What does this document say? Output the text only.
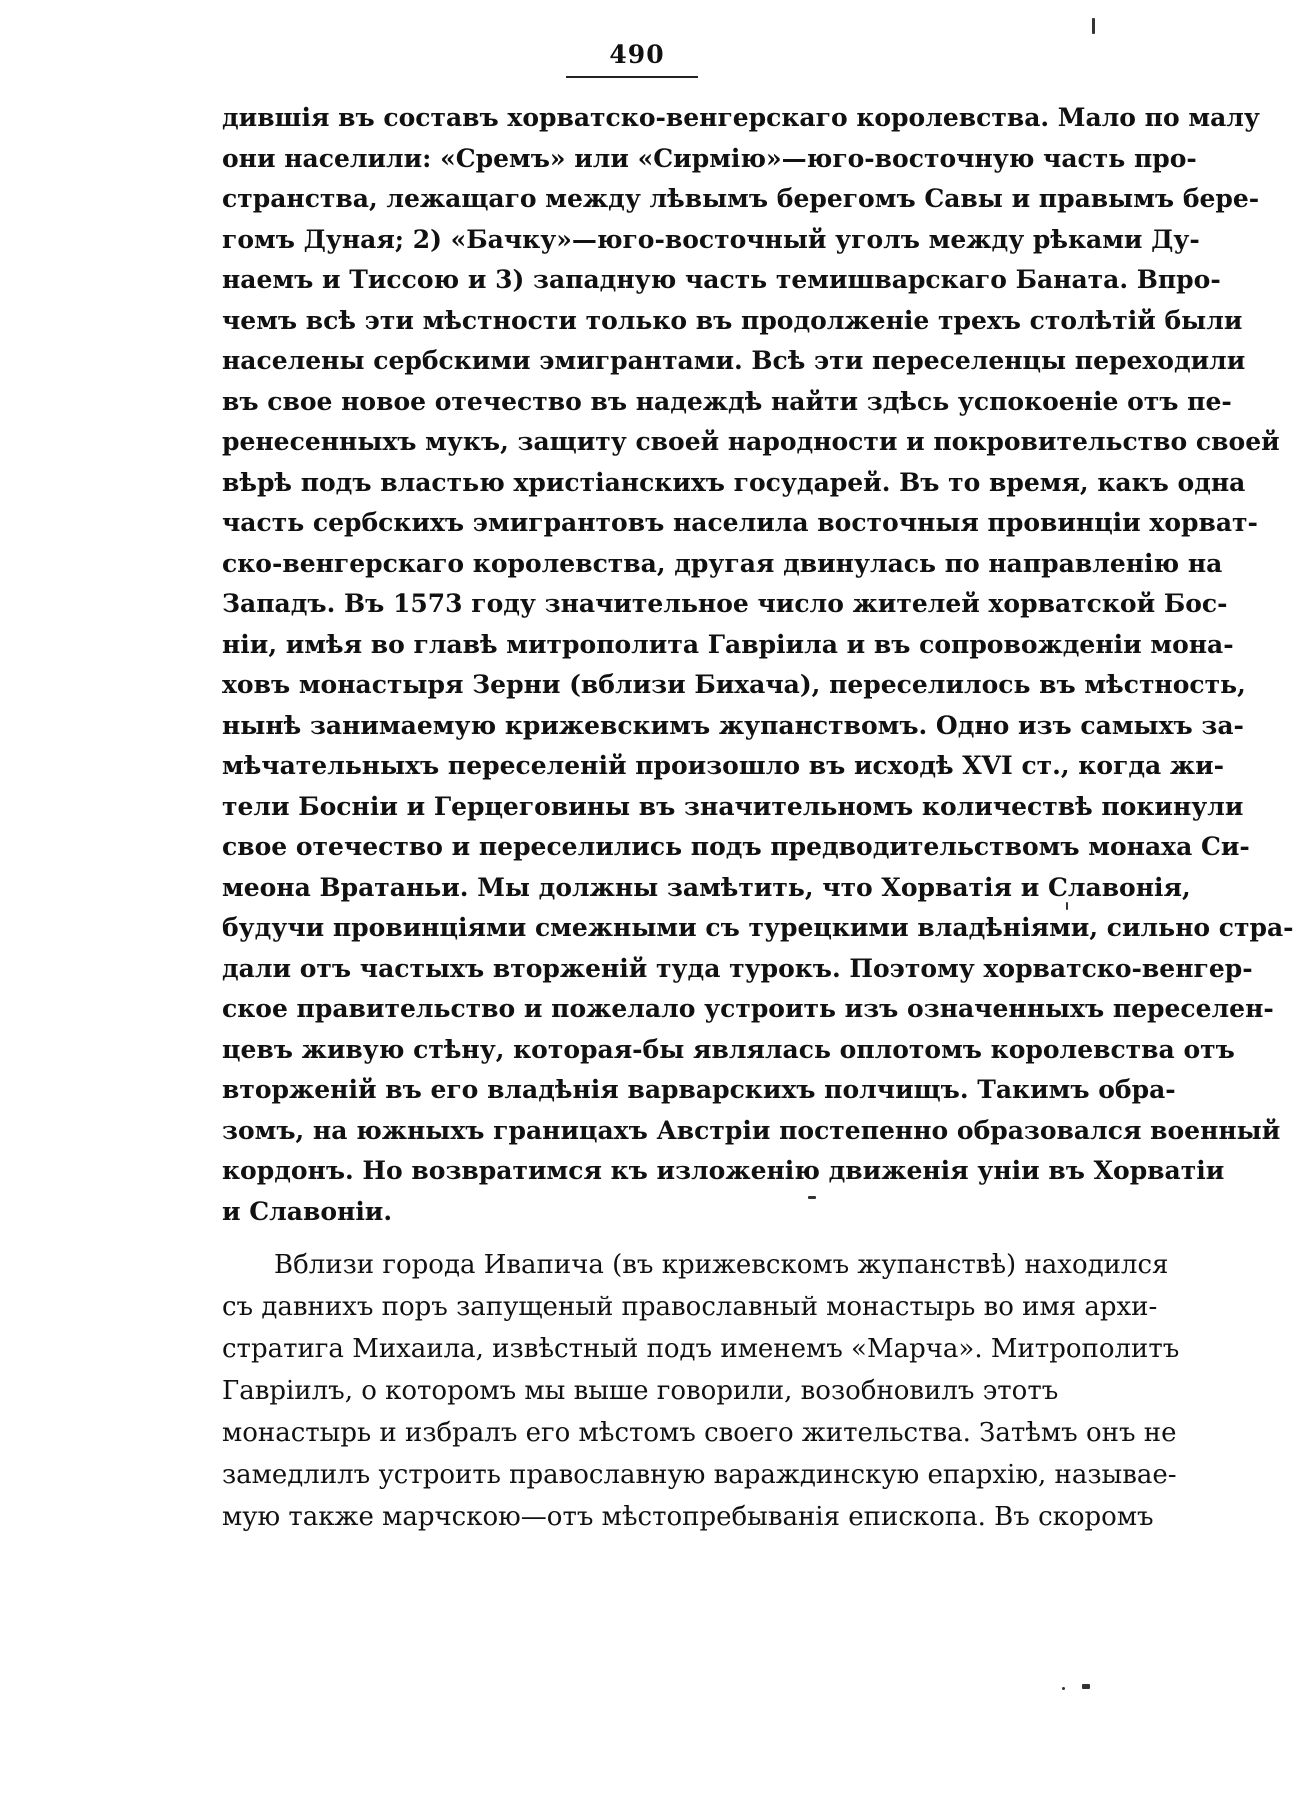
490
дившія въ составъ хорватско-венгерскаго королевства. Мало по малу
они населили: «Сремъ» или «Сирмію»—юго-восточную часть про-
странства, лежащаго между лѣвымъ берегомъ Савы и правымъ бере-
гомъ Дуная; 2) «Бачку»—юго-восточный уголъ между рѣками Ду-
наемъ и Тиссою и 3) западную часть темишварскаго Баната. Впро-
чемъ всѣ эти мѣстности только въ продолженіе трехъ столѣтій были
населены сербскими эмигрантами. Всѣ эти переселенцы переходили
въ свое новое отечество въ надеждѣ найти здѣсь успокоеніе отъ пе-
ренесенныхъ мукъ, защиту своей народности и покровительство своей
вѣрѣ подъ властью христіанскихъ государей. Въ то время, какъ одна
часть сербскихъ эмигрантовъ населила восточныя провинціи хорват-
ско-венгерскаго королевства, другая двинулась по направленію на
Западъ. Въ 1573 году значительное число жителей хорватской Бос-
ніи, имѣя во главѣ митрополита Гавріила и въ сопровожденіи мона-
ховъ монастыря Зерни (вблизи Бихача), переселилось въ мѣстность,
нынѣ занимаемую крижевскимъ жупанствомъ. Одно изъ самыхъ за-
мѣчательныхъ переселеній произошло въ исходѣ XVI ст., когда жи-
тели Босніи и Герцеговины въ значительномъ количествѣ покинули
свое отечество и переселились подъ предводительствомъ монаха Си-
меона Вратаньи. Мы должны замѣтить, что Хорватія и Славонія,
будучи провинціями смежными съ турецкими владѣніями, сильно стра-
дали отъ частыхъ вторженій туда турокъ. Поэтому хорватско-венгер-
ское правительство и пожелало устроить изъ означенныхъ переселен-
цевъ живую стѣну, которая-бы являлась оплотомъ королевства отъ
вторженій въ его владѣнія варварскихъ полчищъ. Такимъ обра-
зомъ, на южныхъ границахъ Австріи постепенно образовался военный
кордонъ. Но возвратимся къ изложенію движенія уніи въ Хорватіи
и Славоніи.
Вблизи города Ивапича (въ крижевскомъ жупанствѣ) находился
съ давнихъ поръ запущеный православный монастырь во имя архи-
стратига Михаила, извѣстный подъ именемъ «Марча». Митрополитъ
Гавріилъ, о которомъ мы выше говорили, возобновилъ этотъ
монастырь и избралъ его мѣстомъ своего жительства. Затѣмъ онъ не
замедлилъ устроить православную вараждинскую епархію, называе-
мую также марчскою—отъ мѣстопребыванія епископа. Въ скоромъ
